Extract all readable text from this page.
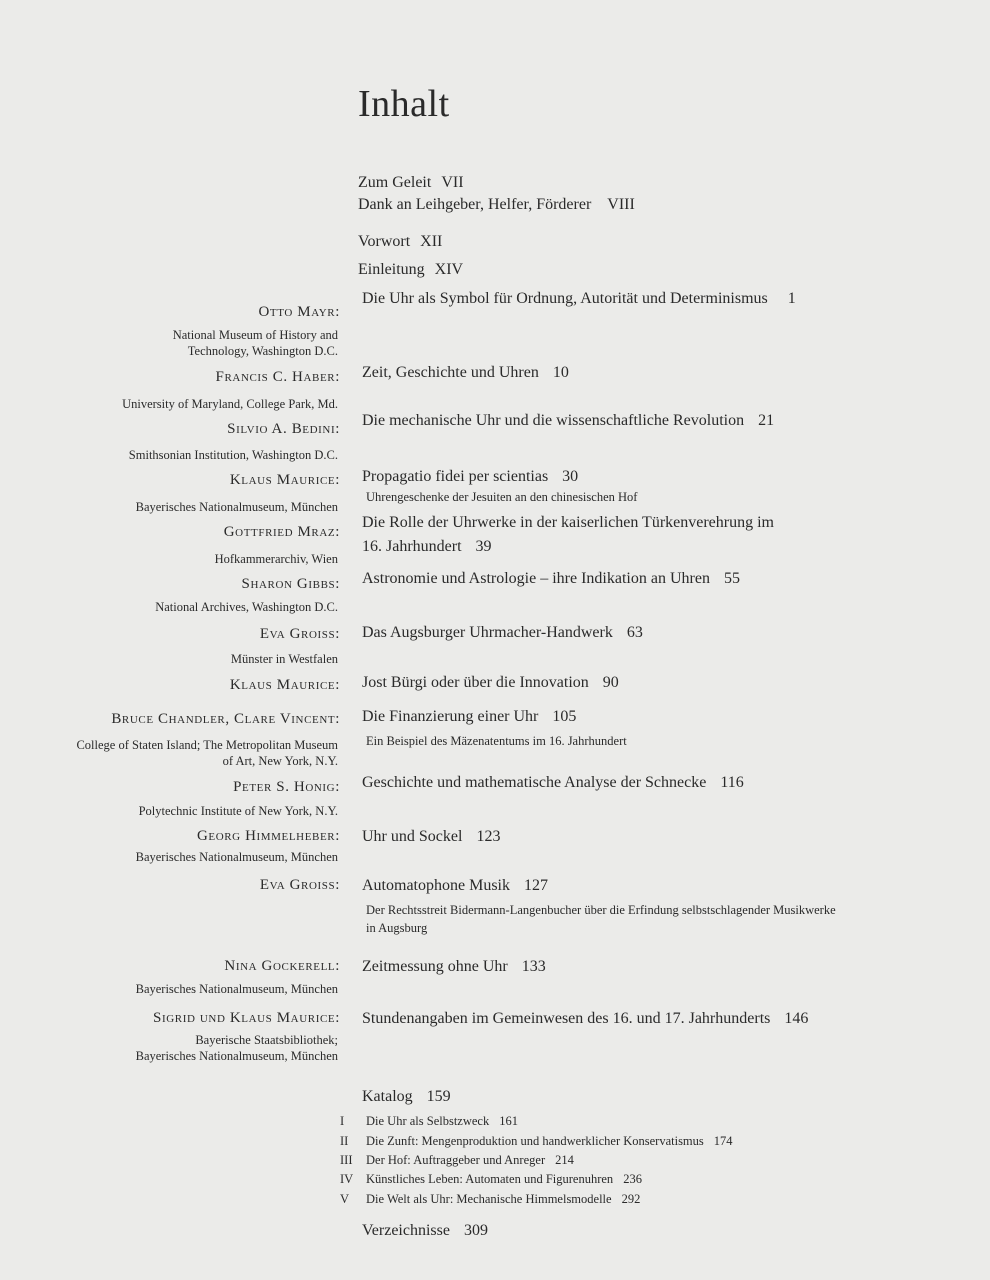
Inhalt
Zum Geleit VII
Dank an Leihgeber, Helfer, Förderer VIII
Vorwort XII
Einleitung XIV
Otto Mayr:
National Museum of History and
Technology, Washington D.C.
Francis C. Haber:
University of Maryland, College Park, Md.
Silvio A. Bedini:
Smithsonian Institution, Washington D.C.
Klaus Maurice:
Bayerisches Nationalmuseum, München
Gottfried Mraz:
Hofkammerarchiv, Wien
Sharon Gibbs:
National Archives, Washington D.C.
Eva Groiss:
Münster in Westfalen
Klaus Maurice:
Bruce Chandler, Clare Vincent:
College of Staten Island; The Metropolitan Museum
of Art, New York, N.Y.
Peter S. Honig:
Polytechnic Institute of New York, N.Y.
Georg Himmelheber:
Bayerisches Nationalmuseum, München
Eva Groiss:
Nina Gockerell:
Bayerisches Nationalmuseum, München
Sigrid und Klaus Maurice:
Bayerische Staatsbibliothek;
Bayerisches Nationalmuseum, München
Die Uhr als Symbol für Ordnung, Autorität und Determinismus 1
Zeit, Geschichte und Uhren 10
Die mechanische Uhr und die wissenschaftliche Revolution 21
Propagatio fidei per scientias 30
Uhrengeschenke der Jesuiten an den chinesischen Hof
Die Rolle der Uhrwerke in der kaiserlichen Türkenverehrung im
16. Jahrhundert 39
Astronomie und Astrologie – ihre Indikation an Uhren 55
Das Augsburger Uhrmacher-Handwerk 63
Jost Bürgi oder über die Innovation 90
Die Finanzierung einer Uhr 105
Ein Beispiel des Mäzenatentums im 16. Jahrhundert
Geschichte und mathematische Analyse der Schnecke 116
Uhr und Sockel 123
Automatophone Musik 127
Der Rechtsstreit Bidermann-Langenbucher über die Erfindung selbstschlagender Musikwerke
in Augsburg
Zeitmessung ohne Uhr 133
Stundenangaben im Gemeinwesen des 16. und 17. Jahrhunderts 146
Katalog 159
I Die Uhr als Selbstzweck 161
II Die Zunft: Mengenproduktion und handwerklicher Konservatismus 174
III Der Hof: Auftraggeber und Anreger 214
IV Künstliches Leben: Automaten und Figurenuhren 236
V Die Welt als Uhr: Mechanische Himmelsmodelle 292
Verzeichnisse 309
